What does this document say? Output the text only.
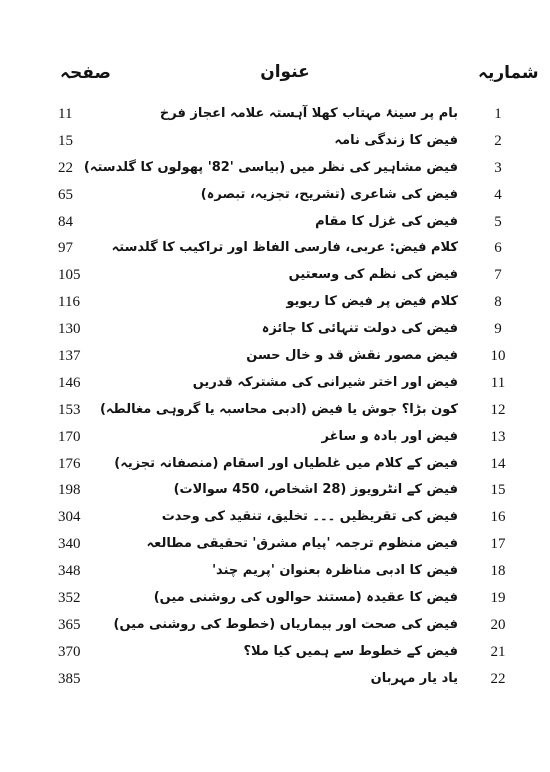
شماریہ
عنوان
صفحہ
1
بام پر سینۂ مہتاب کھلا آہستہ علامہ اعجاز فرخ
11
2
فیض کا زندگی نامہ
15
3
فیض مشاہیر کی نظر میں (بیاسی '82' پھولوں کا گلدستہ)
22
4
فیض کی شاعری (تشریح، تجزیہ، تبصرہ)
65
5
فیض کی غزل کا مقام
84
6
کلام فیض: عربی، فارسی الفاظ اور تراکیب کا گلدستہ
97
7
فیض کی نظم کی وسعتیں
105
8
کلام فیض پر فیض کا ریویو
116
9
فیض کی دولت تنہائی کا جائزہ
130
10
فیض مصور نقش قد و خال حسن
137
11
فیض اور اختر شیرانی کی مشترکہ قدریں
146
12
کون بڑا؟ جوش یا فیض (ادبی محاسبہ یا گروہی مغالطہ)
153
13
فیض اور بادہ و ساغر
170
14
فیض کے کلام میں غلطیاں اور اسقام (منصفانہ تجزیہ)
176
15
فیض کے انٹرویوز (28 اشخاص، 450 سوالات)
198
16
فیض کی تقریظیں ۔۔۔ تخلیق، تنقید کی وحدت
304
17
فیض منظوم ترجمہ 'پیام مشرق' تحقیقی مطالعہ
340
18
فیض کا ادبی مناظرہ بعنوان 'پریم چند'
348
19
فیض کا عقیدہ (مستند حوالوں کی روشنی میں)
352
20
فیض کی صحت اور بیماریاں (خطوط کی روشنی میں)
365
21
فیض کے خطوط سے ہمیں کیا ملا؟
370
22
یاد یار مہربان
385
